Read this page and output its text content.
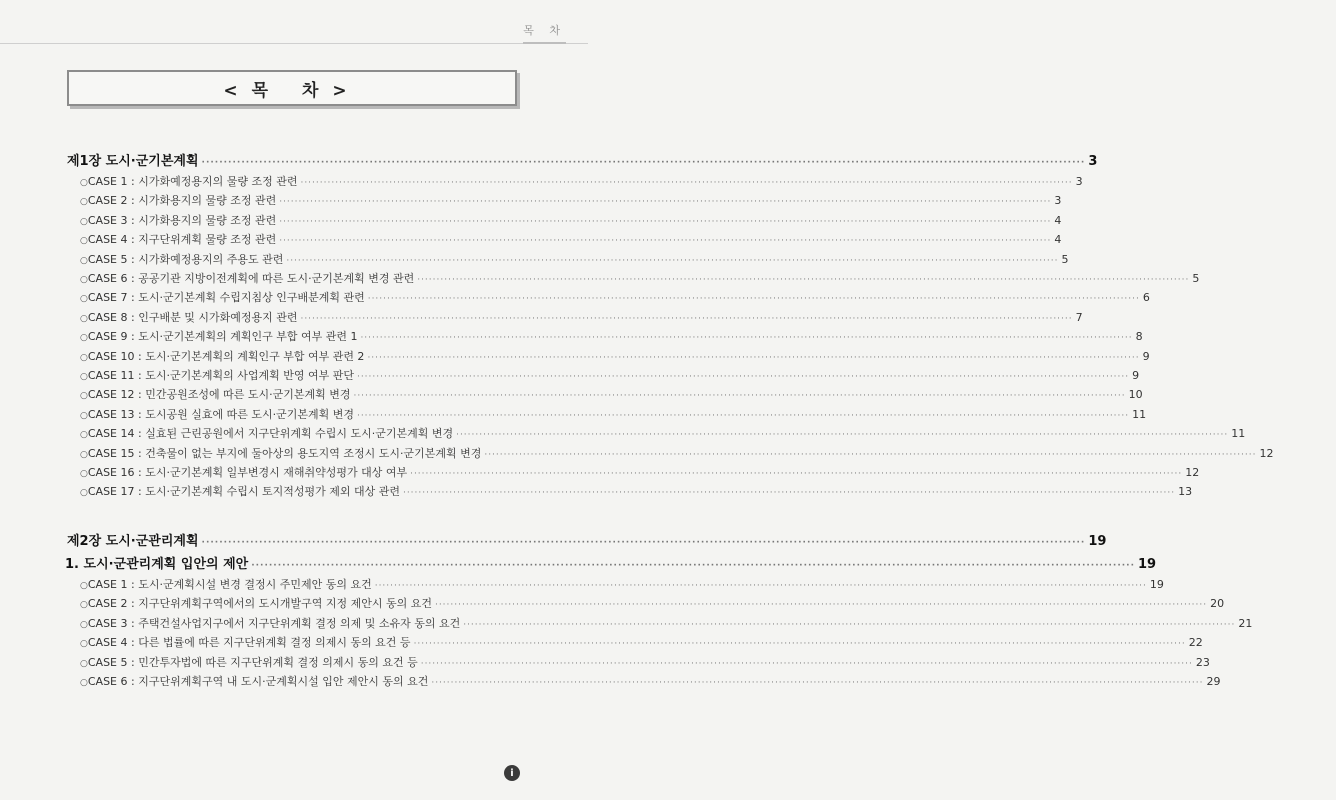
목 차
<목 차>
제1장 도시·군기본계획 ········································································································································································································ 3
○ CASE 1 : 시가화예정용지의 물량 조정 관련 ········································································································································································································ 3
○ CASE 2 : 시가화용지의 물량 조정 관련 ········································································································································································································ 3
○ CASE 3 : 시가화용지의 물량 조정 관련 ········································································································································································································ 4
○ CASE 4 : 지구단위계획 물량 조정 관련 ········································································································································································································ 4
○ CASE 5 : 시가화예정용지의 주용도 관련 ········································································································································································································ 5
○ CASE 6 : 공공기관 지방이전계획에 따른 도시·군기본계획 변경 관련 ········································································································································································································ 5
○ CASE 7 : 도시·군기본계획 수립지침상 인구배분계획 관련 ········································································································································································································ 6
○ CASE 8 : 인구배분 및 시가화예정용지 관련 ········································································································································································································ 7
○ CASE 9 : 도시·군기본계획의 계획인구 부합 여부 관련 1 ········································································································································································································ 8
○ CASE 10 : 도시·군기본계획의 계획인구 부합 여부 관련 2 ········································································································································································································ 9
○ CASE 11 : 도시·군기본계획의 사업계획 반영 여부 판단 ········································································································································································································ 9
○ CASE 12 : 민간공원조성에 따른 도시·군기본계획 변경 ········································································································································································································ 10
○ CASE 13 : 도시공원 실효에 따른 도시·군기본계획 변경 ········································································································································································································ 11
○ CASE 14 : 실효된 근린공원에서 지구단위계획 수립시 도시·군기본계획 변경 ········································································································································································································ 11
○ CASE 15 : 건축물이 없는 부지에 둘아상의 용도지역 조정시 도시·군기본계획 변경 ········································································································································································································ 12
○ CASE 16 : 도시·군기본계획 일부변경시 재해취약성평가 대상 여부 ········································································································································································································ 12
○ CASE 17 : 도시·군기본계획 수립시 토지적성평가 제외 대상 관련 ········································································································································································································ 13
제2장 도시·군관리계획 ········································································································································································································ 19
1. 도시·군관리계획 입안의 제안 ········································································································································································································ 19
○ CASE 1 : 도시·군계획시설 변경 결정시 주민제안 동의 요건 ········································································································································································································ 19
○ CASE 2 : 지구단위계획구역에서의 도시개발구역 지정 제안시 동의 요건 ········································································································································································································ 20
○ CASE 3 : 주택건설사업지구에서 지구단위계획 결정 의제 및 소유자 동의 요건 ········································································································································································································ 21
○ CASE 4 : 다른 법률에 따른 지구단위계획 결정 의제시 동의 요건 등 ········································································································································································································ 22
○ CASE 5 : 민간투자법에 따른 지구단위계획 결정 의제시 동의 요건 등 ········································································································································································································ 23
○ CASE 6 : 지구단위계획구역 내 도시·군계획시설 입안 제안시 동의 요건 ········································································································································································································ 29
i
